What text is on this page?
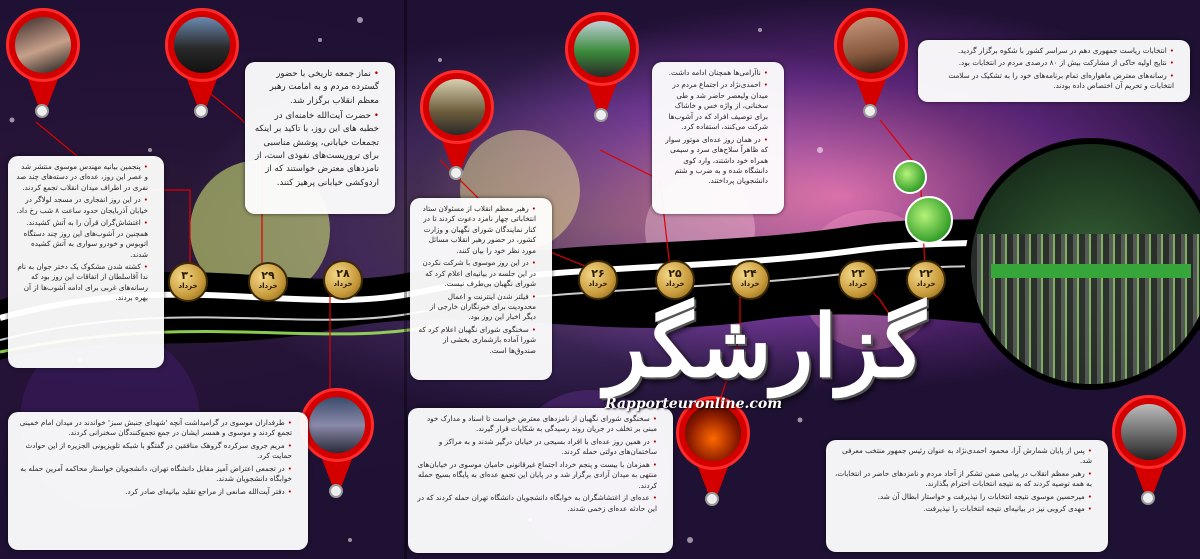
۳۰
خرداد
۲۹
خرداد
۲۸
خرداد
۲۶
خرداد
۲۵
خرداد
۲۴
خرداد
۲۳
خرداد
۲۲
خرداد
• نماز جمعه تاریخی با حضور گسترده مردم و به امامت رهبر معظم انقلاب برگزار شد.
• حضرت آیت‌الله خامنه‌ای در خطبه های این روز، با تاکید بر اینکه تجمعات خیابانی، پوشش مناسبی برای تروریست‌های نفوذی است، از نامزدهای معترض خواستند که از اردوکشی خیابانی پرهیز کنند.
• پنجمین بیانیه مهندس موسوی منتشر شد و عصر این روز، عده‌ای در دسته‌های چند صد نفری در اطراف میدان انقلاب تجمع کردند.
• در این روز انفجاری در مسجد لولاگر در خیابان آذربایجان حدود ساعت ۸ شب رخ داد.
• اغتشاش‌گران قرآن را به آتش کشیدند. همچنین در آشوب‌های این روز چند دستگاه اتوبوس و خودرو سواری به آتش کشیده شدند.
• کشته شدن مشکوک یک دختر جوان به نام ندا آقاسلطان از اتفاقات این روز بود که رسانه‌های غربی برای ادامه آشوب‌ها از آن بهره بردند.
• طرفداران موسوی در گرامیداشت آنچه 'شهدای جنبش سبز' خواندند در میدان امام خمینی تجمع کردند و موسوی و همسر ایشان در جمع تجمع‌کنندگان سخنرانی کردند.
• مریم جروی سرکرده گروهک منافقین در گفتگو با شبکه تلویزیونی الجزیره از این حوادث حمایت کرد.
• در تجمعی اعتراض آمیز مقابل دانشگاه تهران، دانشجویان خواستار محاکمه آمرین حمله به خوابگاه دانشجویان شدند.
• دفتر آیت‌الله صانعی از مراجع تقلید بیانیه‌ای صادر کرد.
• رهبر معظم انقلاب از مسئولان ستاد انتخاباتی چهار نامزد دعوت کردند تا در کنار نمایندگان شورای نگهبان و وزارت کشور، در حضور رهبر انقلاب مسائل مورد نظر خود را بیان کنند.
• در این روز موسوی با شرکت نکردن در این جلسه در بیانیه‌ای اعلام کرد که شورای نگهبان بی‌طرف نیست.
• فیلتر شدن اینترنت و اعمال محدودیت برای خبرنگاران خارجی از دیگر اخبار این روز بود.
• سخنگوی شورای نگهبان اعلام کرد که شورا آماده بازشماری بخشی از صندوق‌ها است.
• سخنگوی شورای نگهبان از نامزدهای معترض خواست تا اسناد و مدارک خود مبنی بر تخلف در جریان روند رسیدگی به شکایات قرار گیرند.
• در همین روز عده‌ای با افراد بسیجی در خیابان درگیر شدند و به مراکز و ساختمان‌های دولتی حمله کردند.
• همزمان با بیست و پنجم خرداد اجتماع غیرقانونی حامیان موسوی در خیابان‌های منتهی به میدان آزادی برگزار شد و در پایان این تجمع عده‌ای به پایگاه بسیج حمله کردند.
• عده‌ای از اغتشاشگران به خوابگاه دانشجویان دانشگاه تهران حمله کردند که در این حادثه عده‌ای زخمی شدند.
• ناآرامی‌ها همچنان ادامه داشت.
• احمدی‌نژاد در اجتماع مردم در میدان ولیعصر حاضر شد و طی سخنانی، از واژه خس و خاشاک برای توصیف افراد که در آشوب‌ها شرکت می‌کنند، استفاده کرد.
• در همان روز عده‌ای موتور سوار که ظاهراً سلاح‌های سرد و سیمی همراه خود داشتند، وارد کوی دانشگاه شده و به ضرب و شتم دانشجویان پرداختند.
• انتخابات ریاست جمهوری دهم در سراسر کشور با شکوه برگزار گردید.
• نتایج اولیه حاکی از مشارکت بیش از ۸۰ درصدی مردم در انتخابات بود.
• رسانه‌های معترض ماهواره‌ای تمام برنامه‌های خود را به تشکیک در سلامت انتخابات و تحریم آن اختصاص داده بودند.
• پس از پایان شمارش آرا، محمود احمدی‌نژاد به عنوان رئیس جمهور منتخب معرفی شد.
• رهبر معظم انقلاب در پیامی ضمن تشکر از آحاد مردم و نامزدهای حاضر در انتخابات، به همه توصیه کردند که به نتیجه انتخابات احترام بگذارند.
• میرحسین موسوی نتیجه انتخابات را نپذیرفت و خواستار ابطال آن شد.
• مهدی کروبی نیز در بیانیه‌ای نتیجه انتخابات را نپذیرفت.
گزارشگر
Rapporteuronline.com
